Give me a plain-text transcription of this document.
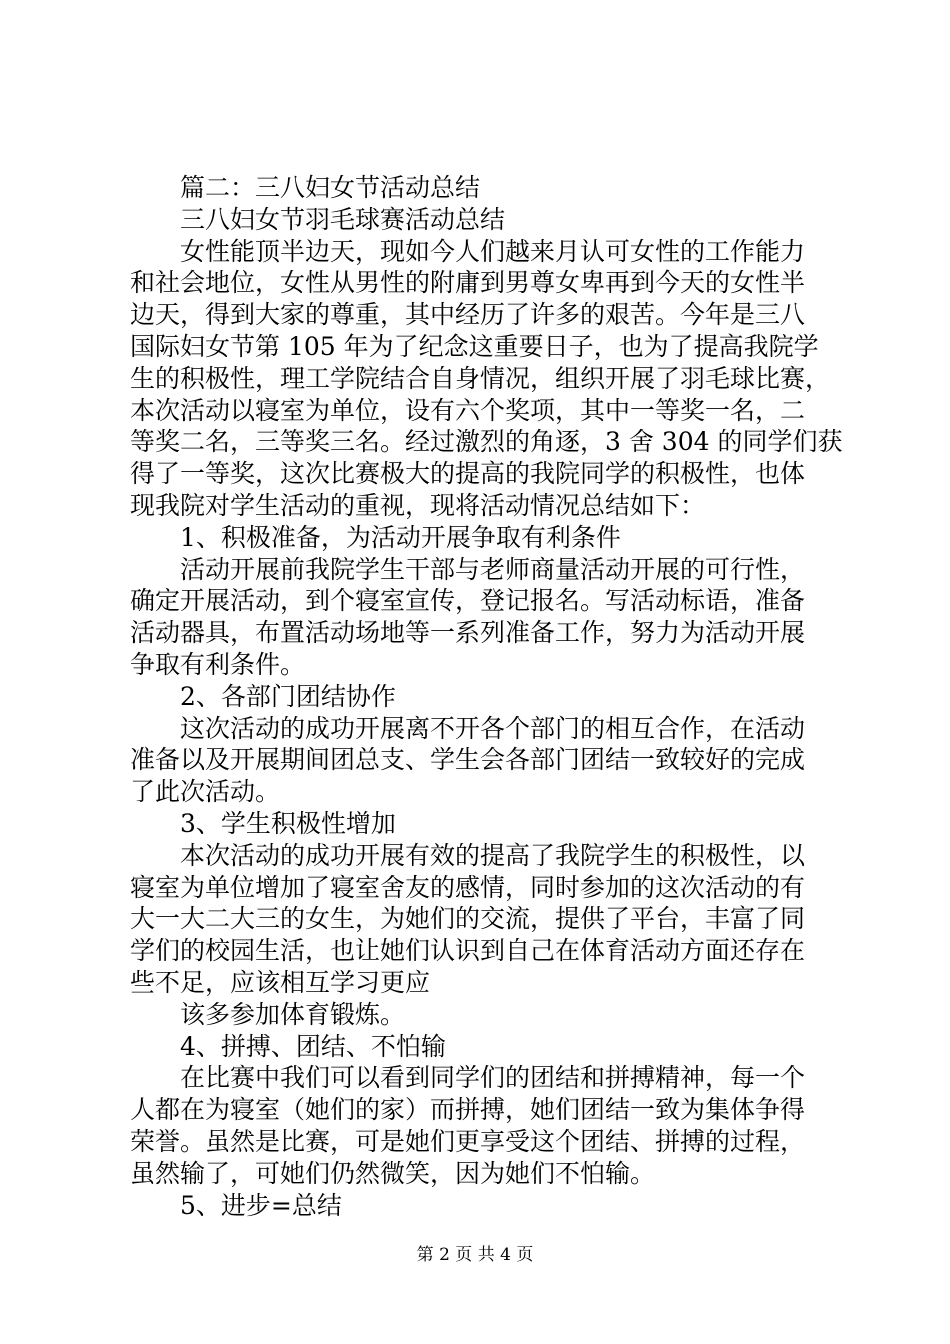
篇二：三八妇女节活动总结
三八妇女节羽毛球赛活动总结
女性能顶半边天，现如今人们越来月认可女性的工作能力
和社会地位，女性从男性的附庸到男尊女卑再到今天的女性半
边天，得到大家的尊重，其中经历了许多的艰苦。今年是三八
国际妇女节第 105 年为了纪念这重要日子，也为了提高我院学
生的积极性，理工学院结合自身情况，组织开展了羽毛球比赛，
本次活动以寝室为单位，设有六个奖项，其中一等奖一名，二
等奖二名，三等奖三名。经过激烈的角逐，3 舍 304 的同学们获
得了一等奖，这次比赛极大的提高的我院同学的积极性，也体
现我院对学生活动的重视，现将活动情况总结如下：
1、积极准备，为活动开展争取有利条件
活动开展前我院学生干部与老师商量活动开展的可行性，
确定开展活动，到个寝室宣传，登记报名。写活动标语，准备
活动器具，布置活动场地等一系列准备工作，努力为活动开展
争取有利条件。
2、各部门团结协作
这次活动的成功开展离不开各个部门的相互合作，在活动
准备以及开展期间团总支、学生会各部门团结一致较好的完成
了此次活动。
3、学生积极性增加
本次活动的成功开展有效的提高了我院学生的积极性，以
寝室为单位增加了寝室舍友的感情，同时参加的这次活动的有
大一大二大三的女生，为她们的交流，提供了平台，丰富了同
学们的校园生活，也让她们认识到自己在体育活动方面还存在
些不足，应该相互学习更应
该多参加体育锻炼。
4、拼搏、团结、不怕输
在比赛中我们可以看到同学们的团结和拼搏精神，每一个
人都在为寝室（她们的家）而拼搏，她们团结一致为集体争得
荣誉。虽然是比赛，可是她们更享受这个团结、拼搏的过程，
虽然输了，可她们仍然微笑，因为她们不怕输。
5、进步=总结
第 2 页 共 4 页
